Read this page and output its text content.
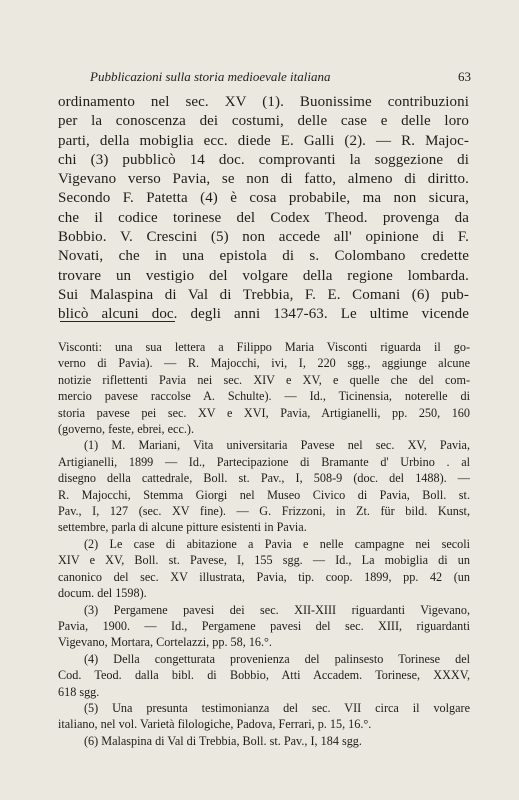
Pubblicazioni sulla storia medioevale italiana	63
ordinamento nel sec. XV (1). Buonissime contribuzioni
per la conoscenza dei costumi, delle case e delle loro
parti, della mobiglia ecc. diede E. Galli (2). — R. Majoc-
chi (3) pubblicò 14 doc. comprovanti la soggezione di
Vigevano verso Pavia, se non di fatto, almeno di diritto.
Secondo F. Patetta (4) è cosa probabile, ma non sicura,
che il codice torinese del Codex Theod. provenga da
Bobbio. V. Crescini (5) non accede all' opinione di F.
Novati, che in una epistola di s. Colombano credette
trovare un vestigio del volgare della regione lombarda.
Sui Malaspina di Val di Trebbia, F. E. Comani (6) pub-
blicò alcuni doc. degli anni 1347-63. Le ultime vicende
Visconti: una sua lettera a Filippo Maria Visconti riguarda il go-
verno di Pavia). — R. Majocchi, ivi, I, 220 sgg., aggiunge alcune
notizie riflettenti Pavia nei sec. XIV e XV, e quelle che del com-
mercio pavese raccolse A. Schulte). — Id., Ticinensia, noterelle di
storia pavese pei sec. XV e XVI, Pavia, Artigianelli, pp. 250, 160
(governo, feste, ebrei, ecc.).
(1) M. Mariani, Vita universitaria Pavese nel sec. XV, Pavia,
Artigianelli, 1899 — Id., Partecipazione di Bramante d' Urbino . al
disegno della cattedrale, Boll. st. Pav., I, 508-9 (doc. del 1488). —
R. Majocchi, Stemma Giorgi nel Museo Civico di Pavia, Boll. st.
Pav., I, 127 (sec. XV fine). — G. Frizzoni, in Zt. für bild. Kunst,
settembre, parla di alcune pitture esistenti in Pavia.
(2) Le case di abitazione a Pavia e nelle campagne nei secoli
XIV e XV, Boll. st. Pavese, I, 155 sgg. — Id., La mobiglia di un
canonico del sec. XV illustrata, Pavia, tip. coop. 1899, pp. 42 (un
docum. del 1598).
(3) Pergamene pavesi dei sec. XII-XIII riguardanti Vigevano,
Pavia, 1900. — Id., Pergamene pavesi del sec. XIII, riguardanti
Vigevano, Mortara, Cortelazzi, pp. 58, 16.°.
(4) Della congetturata provenienza del palinsesto Torinese del
Cod. Teod. dalla bibl. di Bobbio, Atti Accadem. Torinese, XXXV,
618 sgg.
(5) Una presunta testimonianza del sec. VII circa il volgare
italiano, nel vol. Varietà filologiche, Padova, Ferrari, p. 15, 16.°.
(6) Malaspina di Val di Trebbia, Boll. st. Pav., I, 184 sgg.
